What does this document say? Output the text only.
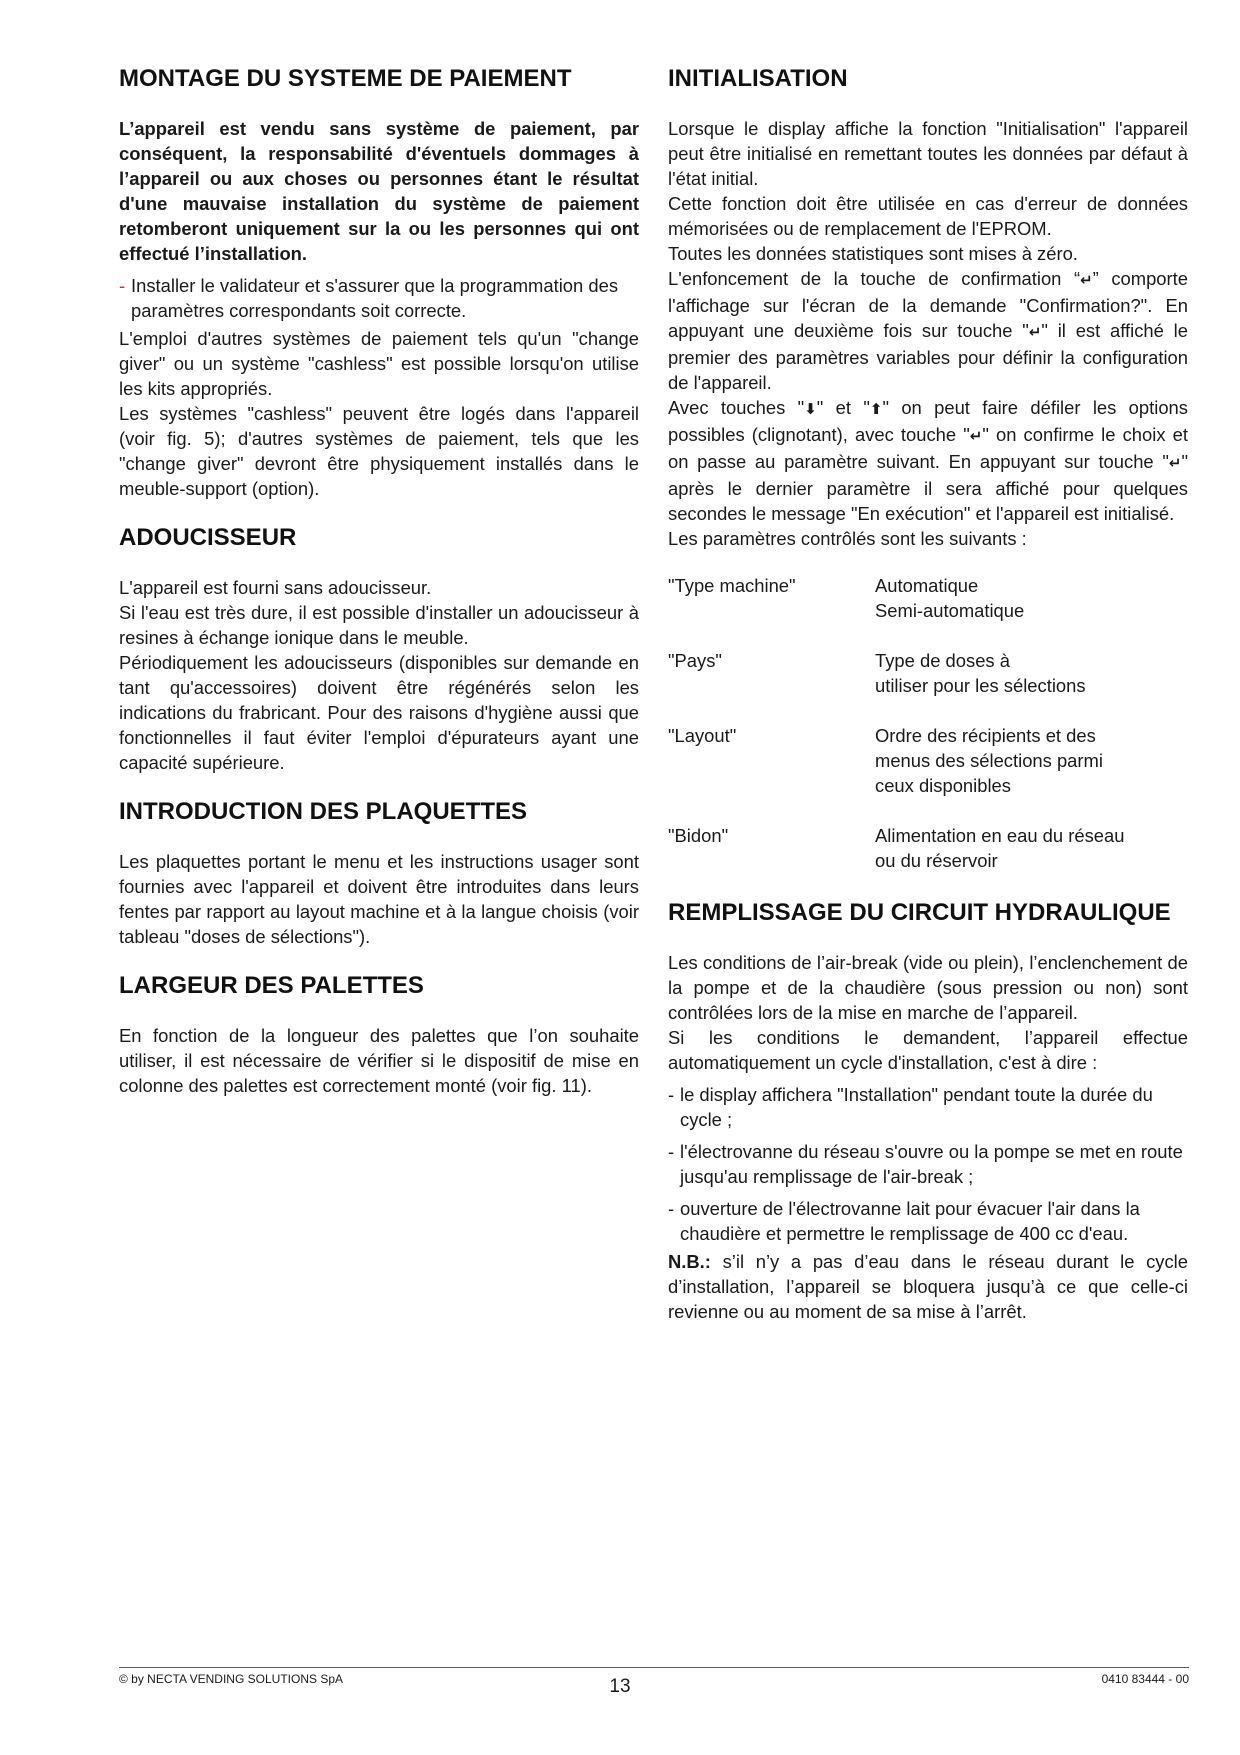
MONTAGE DU SYSTEME DE PAIEMENT

L’appareil est vendu sans système de paiement, par conséquent, la responsabilité d'éventuels dommages à l’appareil ou aux choses ou personnes étant le résultat d'une mauvaise installation du système de paiement retomberont uniquement sur la ou les personnes qui ont effectué l’installation.

- Installer le validateur et s'assurer que la programmation des paramètres correspondants soit correcte.

L'emploi d'autres systèmes de paiement tels qu'un "change giver" ou un système "cashless" est possible lorsqu'on utilise les kits appropriés.

Les systèmes "cashless" peuvent être logés dans l'appareil (voir fig. 5); d'autres systèmes de paiement, tels que les "change giver" devront être physiquement installés dans le meuble-support (option).

ADOUCISSEUR

L'appareil est fourni sans adoucisseur.
Si l'eau est très dure, il est possible d'installer un adoucisseur à resines à échange ionique dans le meuble.
Périodiquement les adoucisseurs (disponibles sur demande en tant qu'accessoires) doivent être régénérés selon les indications du frabricant. Pour des raisons d'hygiène aussi que fonctionnelles il faut éviter l'emploi d'épurateurs ayant une capacité supérieure.

INTRODUCTION DES PLAQUETTES

Les plaquettes portant le menu et les instructions usager sont fournies avec l'appareil et doivent être introduites dans leurs fentes par rapport au layout machine et à la langue choisis (voir tableau "doses de sélections").

LARGEUR DES PALETTES

En fonction de la longueur des palettes que l’on souhaite utiliser, il est nécessaire de vérifier si le dispositif de mise en colonne des palettes est correctement monté (voir fig. 11).

INITIALISATION

Lorsque le display affiche la fonction "Initialisation" l'appareil peut être initialisé en remettant toutes les données par défaut à l'état initial.

Cette fonction doit être utilisée en cas d'erreur de données mémorisées ou de remplacement de l'EPROM.

Toutes les données statistiques sont mises à zéro.

L'enfoncement de la touche de confirmation “↵” comporte l'affichage sur l'écran de la demande "Confirmation?". En appuyant une deuxième fois sur touche "↵" il est affiché le premier des paramètres variables pour définir la configuration de l'appareil.

Avec touches "⬇" et "⬆" on peut faire défiler les options possibles (clignotant), avec touche "↵" on confirme le choix et on passe au paramètre suivant. En appuyant sur touche "↵" après le dernier paramètre il sera affiché pour quelques secondes le message "En exécution" et l'appareil est initialisé.

Les paramètres contrôlés sont les suivants :

"Type machine"	Automatique
Semi-automatique
"Pays"	Type de doses à
utiliser pour les sélections
"Layout"	Ordre des récipients et des
menus des sélections parmi
ceux disponibles
"Bidon"	Alimentation en eau du réseau
ou du réservoir
REMPLISSAGE DU CIRCUIT HYDRAULIQUE

Les conditions de l’air-break (vide ou plein), l’enclenchement de la pompe et de la chaudière (sous pression ou non) sont contrôlées lors de la mise en marche de l’appareil.

Si les conditions le demandent, l’appareil effectue automatiquement un cycle d'installation, c'est à dire :

- le display affichera "Installation" pendant toute la durée du cycle ;
- l'électrovanne du réseau s'ouvre ou la pompe se met en route jusqu'au remplissage de l'air-break ;
- ouverture de l'électrovanne lait pour évacuer l'air dans la chaudière et permettre le remplissage de 400 cc d'eau.

N.B.: s’il n’y a pas d’eau dans le réseau durant le cycle d’installation, l’appareil se bloquera jusqu’à ce que celle-ci revienne ou au moment de sa mise à l’arrêt.

© by NECTA VENDING SOLUTIONS SpA	13	0410 83444 - 00
